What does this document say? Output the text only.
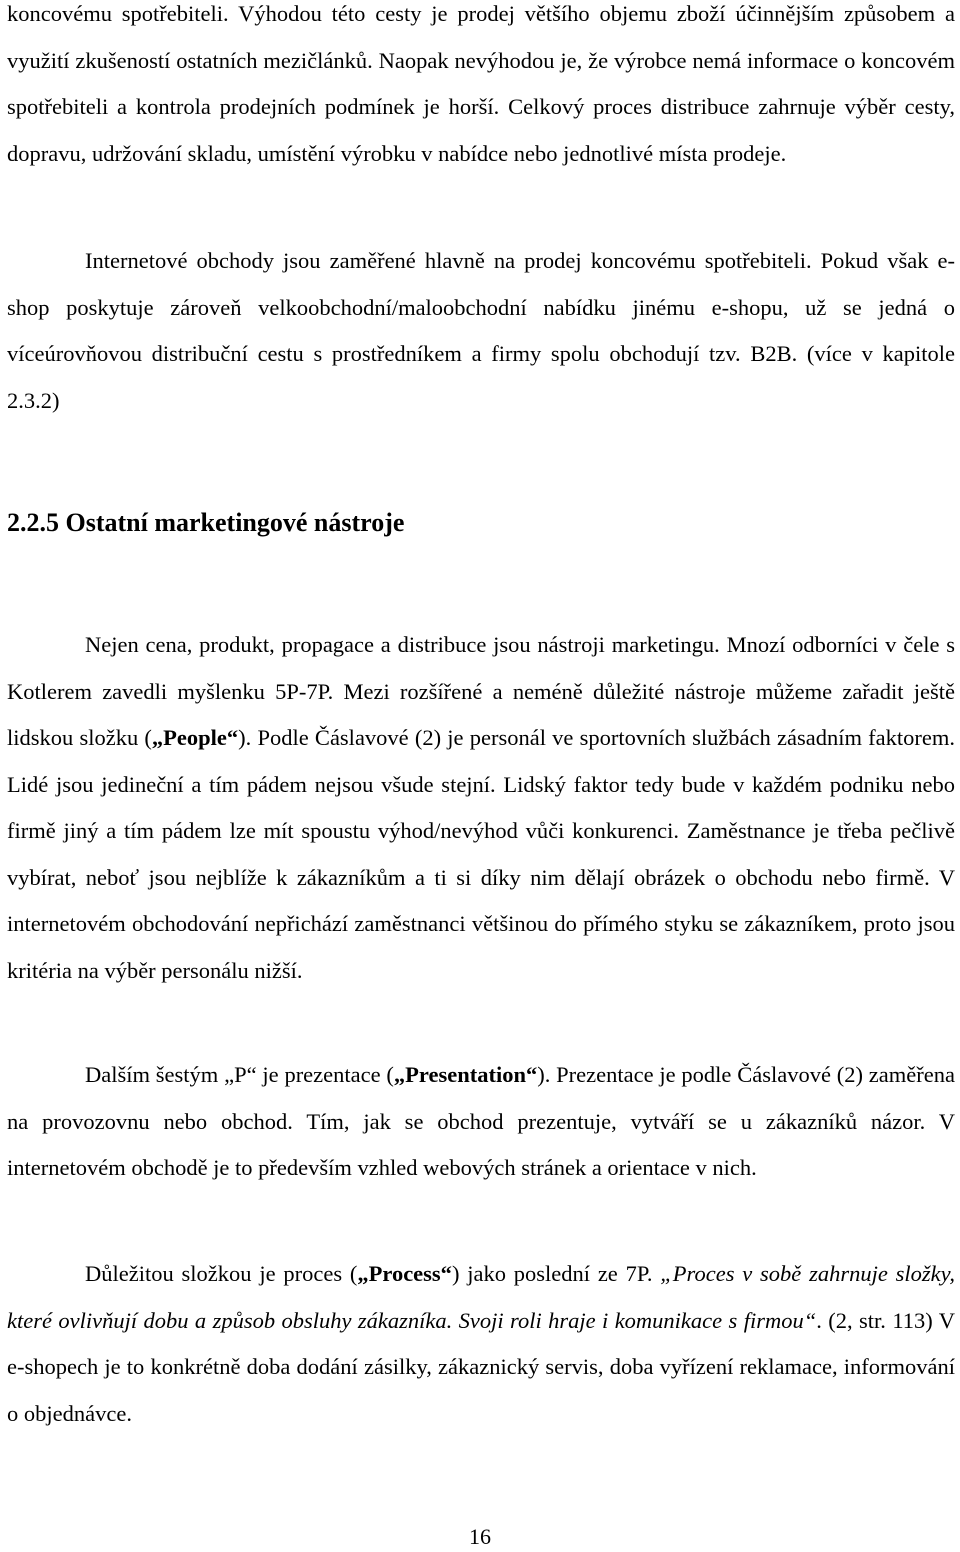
koncovému spotřebiteli. Výhodou této cesty je prodej většího objemu zboží účinnějším způsobem a využití zkušeností ostatních mezičlánků. Naopak nevýhodou je, že výrobce nemá informace o koncovém spotřebiteli a kontrola prodejních podmínek je horší. Celkový proces distribuce zahrnuje výběr cesty, dopravu, udržování skladu, umístění výrobku v nabídce nebo jednotlivé místa prodeje.

Internetové obchody jsou zaměřené hlavně na prodej koncovému spotřebiteli. Pokud však e-shop poskytuje zároveň velkoobchodní/maloobchodní nabídku jinému e-shopu, už se jedná o víceúrovňovou distribuční cestu s prostředníkem a firmy spolu obchodují tzv. B2B. (více v kapitole 2.3.2)

2.2.5 Ostatní marketingové nástroje

Nejen cena, produkt, propagace a distribuce jsou nástroji marketingu. Mnozí odborníci v čele s Kotlerem zavedli myšlenku 5P-7P. Mezi rozšířené a neméně důležité nástroje můžeme zařadit ještě lidskou složku („People“). Podle Čáslavové (2) je personál ve sportovních službách zásadním faktorem. Lidé jsou jedineční a tím pádem nejsou všude stejní. Lidský faktor tedy bude v každém podniku nebo firmě jiný a tím pádem lze mít spoustu výhod/nevýhod vůči konkurenci. Zaměstnance je třeba pečlivě vybírat, neboť jsou nejblíže k zákazníkům a ti si díky nim dělají obrázek o obchodu nebo firmě. V internetovém obchodování nepřichází zaměstnanci většinou do přímého styku se zákazníkem, proto jsou kritéria na výběr personálu nižší.

Dalším šestým „P“ je prezentace („Presentation“). Prezentace je podle Čáslavové (2) zaměřena na provozovnu nebo obchod. Tím, jak se obchod prezentuje, vytváří se u zákazníků názor. V internetovém obchodě je to především vzhled webových stránek a orientace v nich.

Důležitou složkou je proces („Process“) jako poslední ze 7P. „Proces v sobě zahrnuje složky, které ovlivňují dobu a způsob obsluhy zákazníka. Svoji roli hraje i komunikace s firmou“. (2, str. 113) V e-shopech je to konkrétně doba dodání zásilky, zákaznický servis, doba vyřízení reklamace, informování o objednávce.

16
